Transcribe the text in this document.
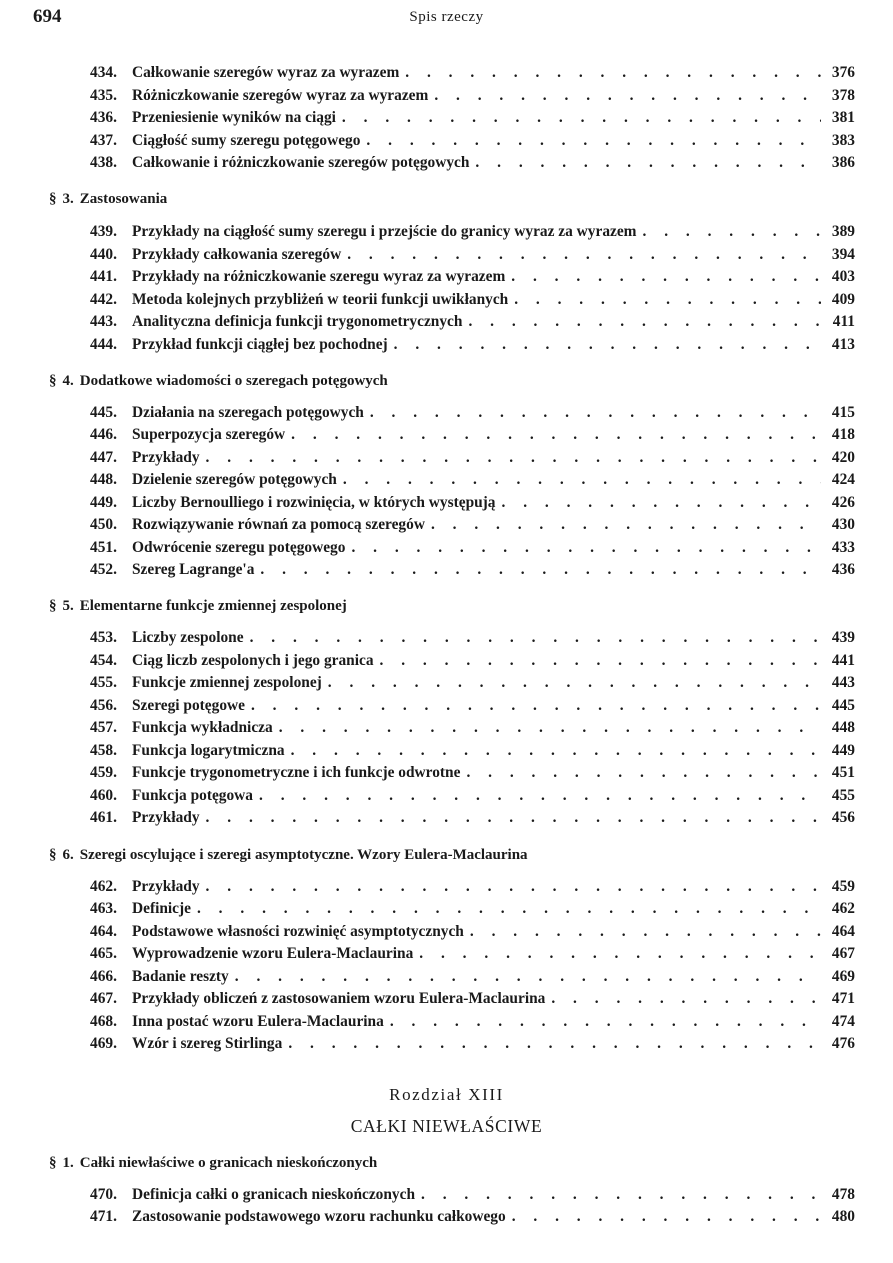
694	Spis rzeczy
434. Całkowanie szeregów wyraz za wyrazem . . .	376
435. Różniczkowanie szeregów wyraz za wyrazem . . .	378
436. Przeniesienie wyników na ciągi . . .	381
437. Ciągłość sumy szeregu potęgowego . . .	383
438. Całkowanie i różniczkowanie szeregów potęgowych . . .	386
§ 3. Zastosowania
439. Przykłady na ciągłość sumy szeregu i przejście do granicy wyraz za wyrazem . . .	389
440. Przykłady całkowania szeregów . . .	394
441. Przykłady na różniczkowanie szeregu wyraz za wyrazem . . .	403
442. Metoda kolejnych przybliżeń w teorii funkcji uwikłanych . . .	409
443. Analityczna definicja funkcji trygonometrycznych . . .	411
444. Przykład funkcji ciągłej bez pochodnej . . .	413
§ 4. Dodatkowe wiadomości o szeregach potęgowych
445. Działania na szeregach potęgowych . . .	415
446. Superpozycja szeregów . . .	418
447. Przykłady . . .	420
448. Dzielenie szeregów potęgowych . . .	424
449. Liczby Bernoulliego i rozwinięcia, w których występują . . .	426
450. Rozwiązywanie równań za pomocą szeregów . . .	430
451. Odwrócenie szeregu potęgowego . . .	433
452. Szereg Lagrange'a . . .	436
§ 5. Elementarne funkcje zmiennej zespolonej
453. Liczby zespolone . . .	439
454. Ciąg liczb zespolonych i jego granica . . .	441
455. Funkcje zmiennej zespolonej . . .	443
456. Szeregi potęgowe . . .	445
457. Funkcja wykładnicza . . .	448
458. Funkcja logarytmiczna . . .	449
459. Funkcje trygonometryczne i ich funkcje odwrotne . . .	451
460. Funkcja potęgowa . . .	455
461. Przykłady . . .	456
§ 6. Szeregi oscylujące i szeregi asymptotyczne. Wzory Eulera-Maclaurina
462. Przykłady . . .	459
463. Definicje . . .	462
464. Podstawowe własności rozwinięć asymptotycznych . . .	464
465. Wyprowadzenie wzoru Eulera-Maclaurina . . .	467
466. Badanie reszty . . .	469
467. Przykłady obliczeń z zastosowaniem wzoru Eulera-Maclaurina . . .	471
468. Inna postać wzoru Eulera-Maclaurina . . .	474
469. Wzór i szereg Stirlinga . . .	476
Rozdział XIII
CAŁKI NIEWŁAŚCIWE
§ 1. Całki niewłaściwe o granicach nieskończonych
470. Definicja całki o granicach nieskończonych . . .	478
471. Zastosowanie podstawowego wzoru rachunku całkowego . . .	480
